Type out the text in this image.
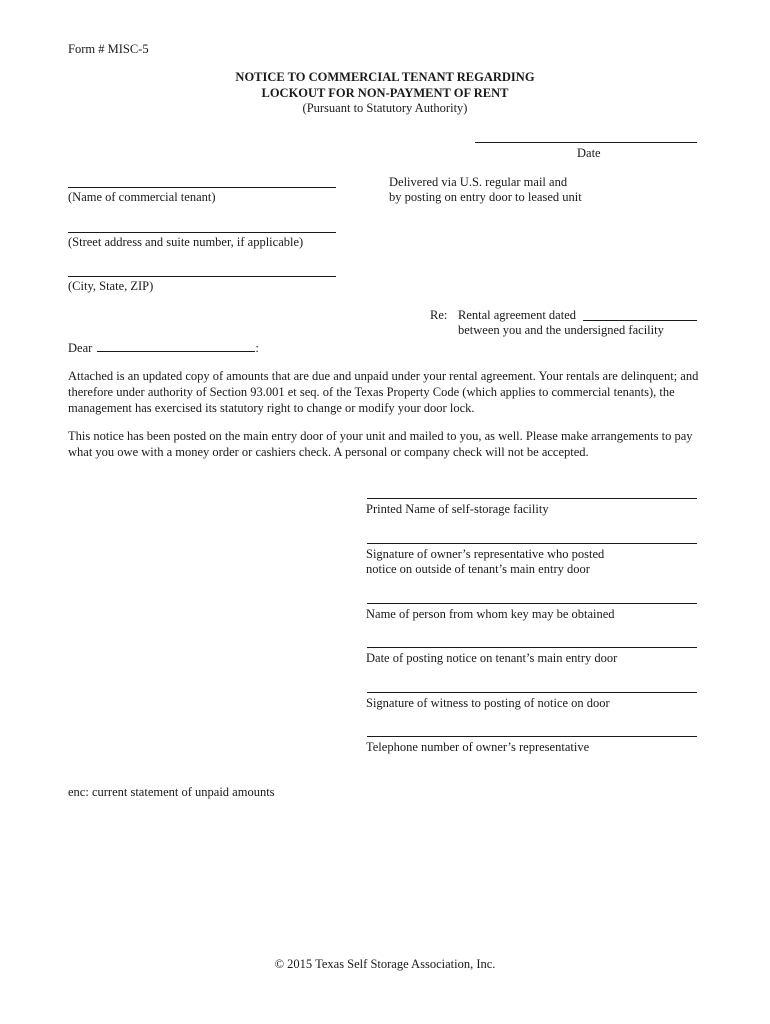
Form # MISC-5
NOTICE TO COMMERCIAL TENANT REGARDING
LOCKOUT FOR NON-PAYMENT OF RENT
(Pursuant to Statutory Authority)
Date
(Name of commercial tenant)
Delivered via U.S. regular mail and
by posting on entry door to leased unit
(Street address and suite number, if applicable)
(City, State, ZIP)
Re: Rental agreement dated
between you and the undersigned facility
Dear	:
Attached is an updated copy of amounts that are due and unpaid under your rental agreement. Your rentals are delinquent; and therefore under authority of Section 93.001 et seq. of the Texas Property Code (which applies to commercial tenants), the management has exercised its statutory right to change or modify your door lock.
This notice has been posted on the main entry door of your unit and mailed to you, as well. Please make arrangements to pay what you owe with a money order or cashiers check. A personal or company check will not be accepted.
Printed Name of self-storage facility
Signature of owner’s representative who posted
notice on outside of tenant’s main entry door
Name of person from whom key may be obtained
Date of posting notice on tenant’s main entry door
Signature of witness to posting of notice on door
Telephone number of owner’s representative
enc: current statement of unpaid amounts
© 2015 Texas Self Storage Association, Inc.
